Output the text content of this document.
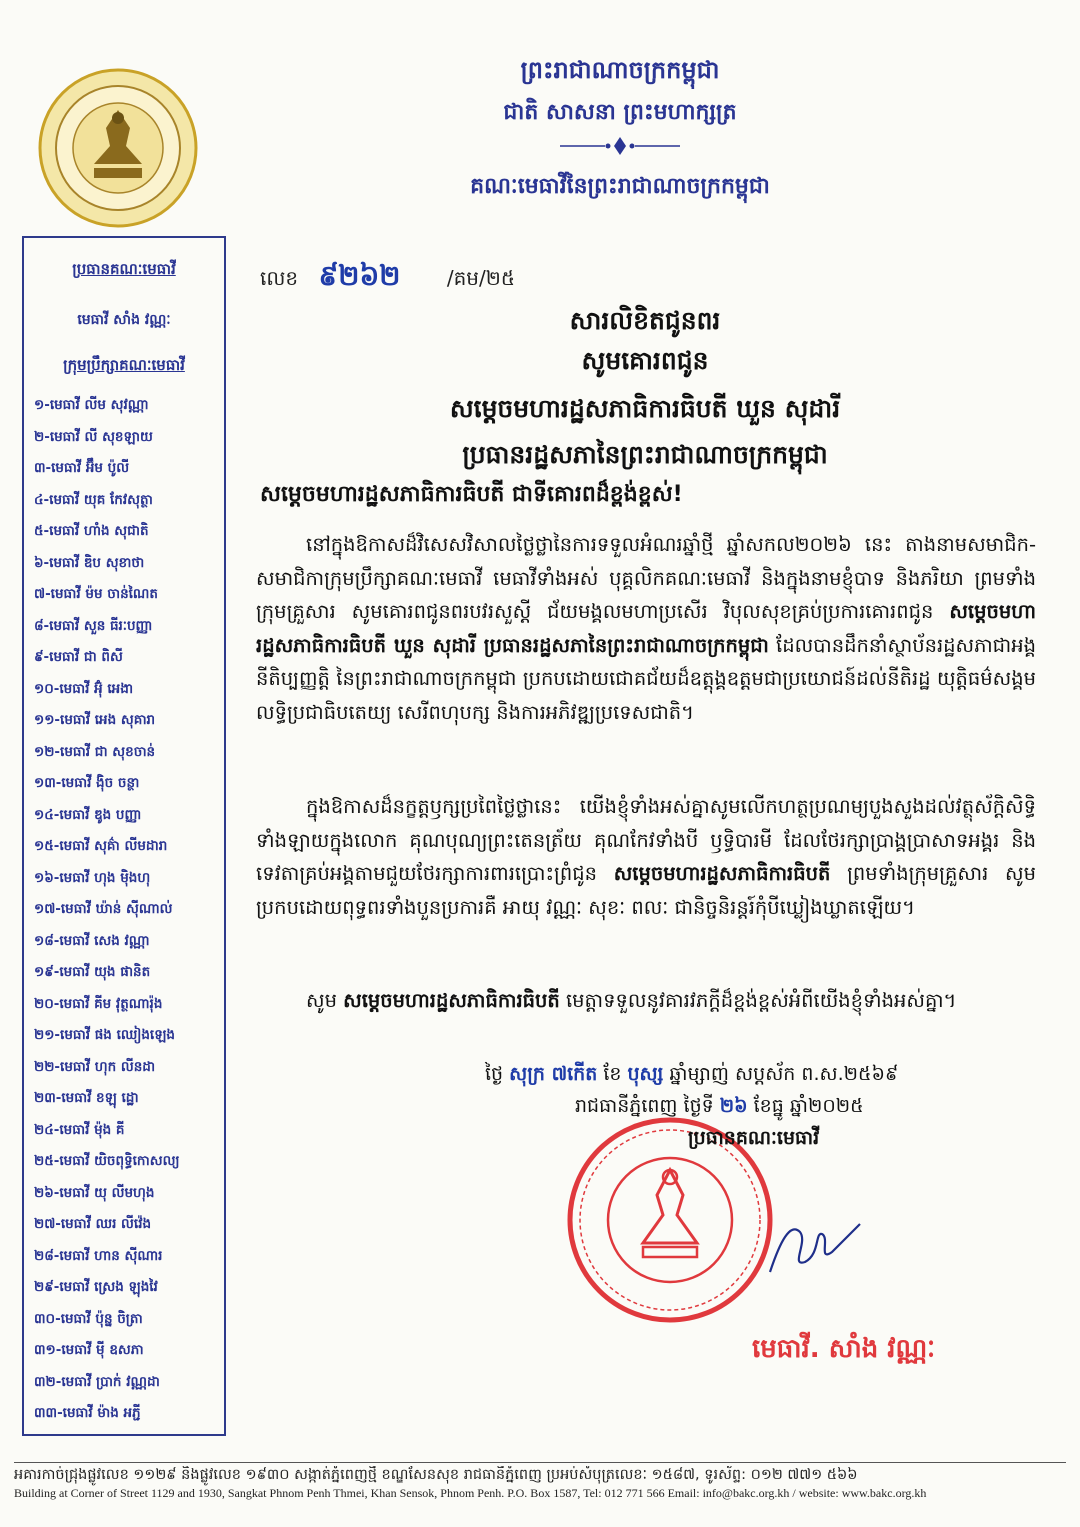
ព្រះរាជាណាចក្រកម្ពុជា
ជាតិ សាសនា ព្រះមហាក្សត្រ
គណៈមេធាវីនៃព្រះរាជាណាចក្រកម្ពុជា
ប្រធានគណៈមេធាវី
មេធាវី សាំង វណ្ណៈ
ក្រុមប្រឹក្សាគណៈមេធាវី
១-មេធាវី លីម សុវណ្ណា
២-មេធាវី លី សុខឡាយ
៣-មេធាវី អ៊ឹម ប៉ូលី
៤-មេធាវី យុគ កែវសុត្ថា
៥-មេធាវី ហាំង សុជាតិ
៦-មេធាវី ឌិប សុខាថា
៧-មេធាវី ម៉ម ចាន់ណៃត
៨-មេធាវី សួន ធីរៈបញ្ញា
៩-មេធាវី ជា ពិសី
១០-មេធាវី អ៊ុំ អេងា
១១-មេធាវី អេង សុគារា
១២-មេធាវី ជា សុខចាន់
១៣-មេធាវី ង៉ិច ចន្ថា
១៤-មេធាវី ឌូង បញ្ញា
១៥-មេធាវី សុគ៌ា លីមដារា
១៦-មេធាវី ហុង ម៉ិងហុ
១៧-មេធាវី ឃ៉ាន់ ស៊ីណាល់
១៨-មេធាវី សេង វណ្ណា
១៩-មេធាវី យុង ផានិត
២០-មេធាវី គីម វុត្ថណារ៉ុង
២១-មេធាវី ផង ឈៀងឡេង
២២-មេធាវី ហុក លីនដា
២៣-មេធាវី ខឡុ ដ្ឋោ
២៤-មេធាវី ម៉ុង គី
២៥-មេធាវី យិចពុទ្ធិកោសល្យ
២៦-មេធាវី យុ លីមហុង
២៧-មេធាវី ឈរ លីវ៉េង
២៨-មេធាវី ហាន ស៊ីណារ
២៩-មេធាវី ស្រេង ឡុងវៃ
៣០-មេធាវី ប៉ុន្ន ចិត្រា
៣១-មេធាវី ម៉ី ឧសភា
៣២-មេធាវី ប្រាក់ វណ្ណដា
៣៣-មេធាវី ម៉ាង អភ្ជី
លេខ ៩២៦២ /គម/២៥
សារលិខិតជូនពរ
សូមគោរពជូន
សម្តេចមហារដ្ឋសភាធិការធិបតី ឃួន សុដារី
ប្រធានរដ្ឋសភានៃព្រះរាជាណាចក្រកម្ពុជា
សម្តេចមហារដ្ឋសភាធិការធិបតី ជាទីគោរពដ៏ខ្ពង់ខ្ពស់!
នៅក្នុងឱកាសដ៏វិសេសវិសាលថ្លៃថ្លានៃការទទួលអំណរឆ្នាំថ្មី ឆ្នាំសកល២០២៦ នេះ តាងនាមសមាជិក-សមាជិកាក្រុមប្រឹក្សាគណៈមេធាវី មេធាវីទាំងអស់ បុគ្គលិកគណៈមេធាវី និងក្នុងនាមខ្ញុំបាទ និងភរិយា ព្រមទាំងក្រុមគ្រួសារ សូមគោរពជូនពរបវរសួស្តី ជ័យមង្គលមហាប្រសើរ វិបុលសុខគ្រប់ប្រការគោរពជូន សម្តេចមហារដ្ឋសភាធិការធិបតី ឃួន សុដារី ប្រធានរដ្ឋសភានៃព្រះរាជាណាចក្រកម្ពុជា ដែលបានដឹកនាំស្ថាប័នរដ្ឋសភាជាអង្គនីតិប្បញ្ញត្តិ នៃព្រះរាជាណាចក្រកម្ពុជា ប្រកបដោយជោគជ័យដ៏ឧត្តុង្គឧត្តមជាប្រយោជន៍ដល់នីតិរដ្ឋ យុត្តិធម៌សង្គម លទ្ធិប្រជាធិបតេយ្យ សេរីពហុបក្ស និងការអភិវឌ្ឍប្រទេសជាតិ។
ក្នុងឱកាសដ៏នក្ខត្តឫក្សប្រពៃថ្លៃថ្លានេះ យើងខ្ញុំទាំងអស់គ្នាសូមលើកហត្ថប្រណម្យបួងសួងដល់វត្ថុស័ក្តិសិទ្ធិទាំងឡាយក្នុងលោក គុណបុណ្យព្រះតេនត្រ័យ គុណកែវទាំងបី ឫទ្ធិបារមី ដែលថែរក្សាប្រាង្គប្រាសាទអង្គរ និងទេវតាគ្រប់អង្គតាមជួយថែរក្សាការពារប្រោះព្រំជូន សម្តេចមហារដ្ឋសភាធិការធិបតី ព្រមទាំងក្រុមគ្រួសារ សូមប្រកបដោយពុទ្ធពរទាំងបួនប្រការគឺ អាយុ វណ្ណៈ សុខៈ ពលៈ ជានិច្ចនិរន្តរ៍កុំបីឃ្លៀងឃ្លាតឡើយ។
សូម សម្តេចមហារដ្ឋសភាធិការធិបតី មេត្តាទទួលនូវគារវភក្តីដ៏ខ្ពង់ខ្ពស់អំពីយើងខ្ញុំទាំងអស់គ្នា។
ថ្ងៃ សុក្រ ៧កើត ខែ បុស្ស ឆ្នាំម្សាញ់ សប្តស័ក ព.ស.២៥៦៩
រាជធានីភ្នំពេញ ថ្ងៃទី ២៦ ខែធ្នូ ឆ្នាំ២០២៥
ប្រធានគណៈមេធាវី
មេធាវី. សាំង វណ្ណៈ
អគារកាច់ជ្រុងផ្លូវលេខ ១១២៩ និងផ្លូវលេខ ១៩៣០ សង្កាត់ភ្នំពេញថ្មី ខណ្ឌសែនសុខ រាជធានីភ្នំពេញ ប្រអប់សំបុត្រលេខៈ ១៥៨៧, ទូរស័ព្ទ: ០១២ ៧៧១ ៥៦៦
Building at Corner of Street 1129 and 1930, Sangkat Phnom Penh Thmei, Khan Sensok, Phnom Penh. P.O. Box 1587, Tel: 012 771 566 Email: info@bakc.org.kh / website: www.bakc.org.kh
